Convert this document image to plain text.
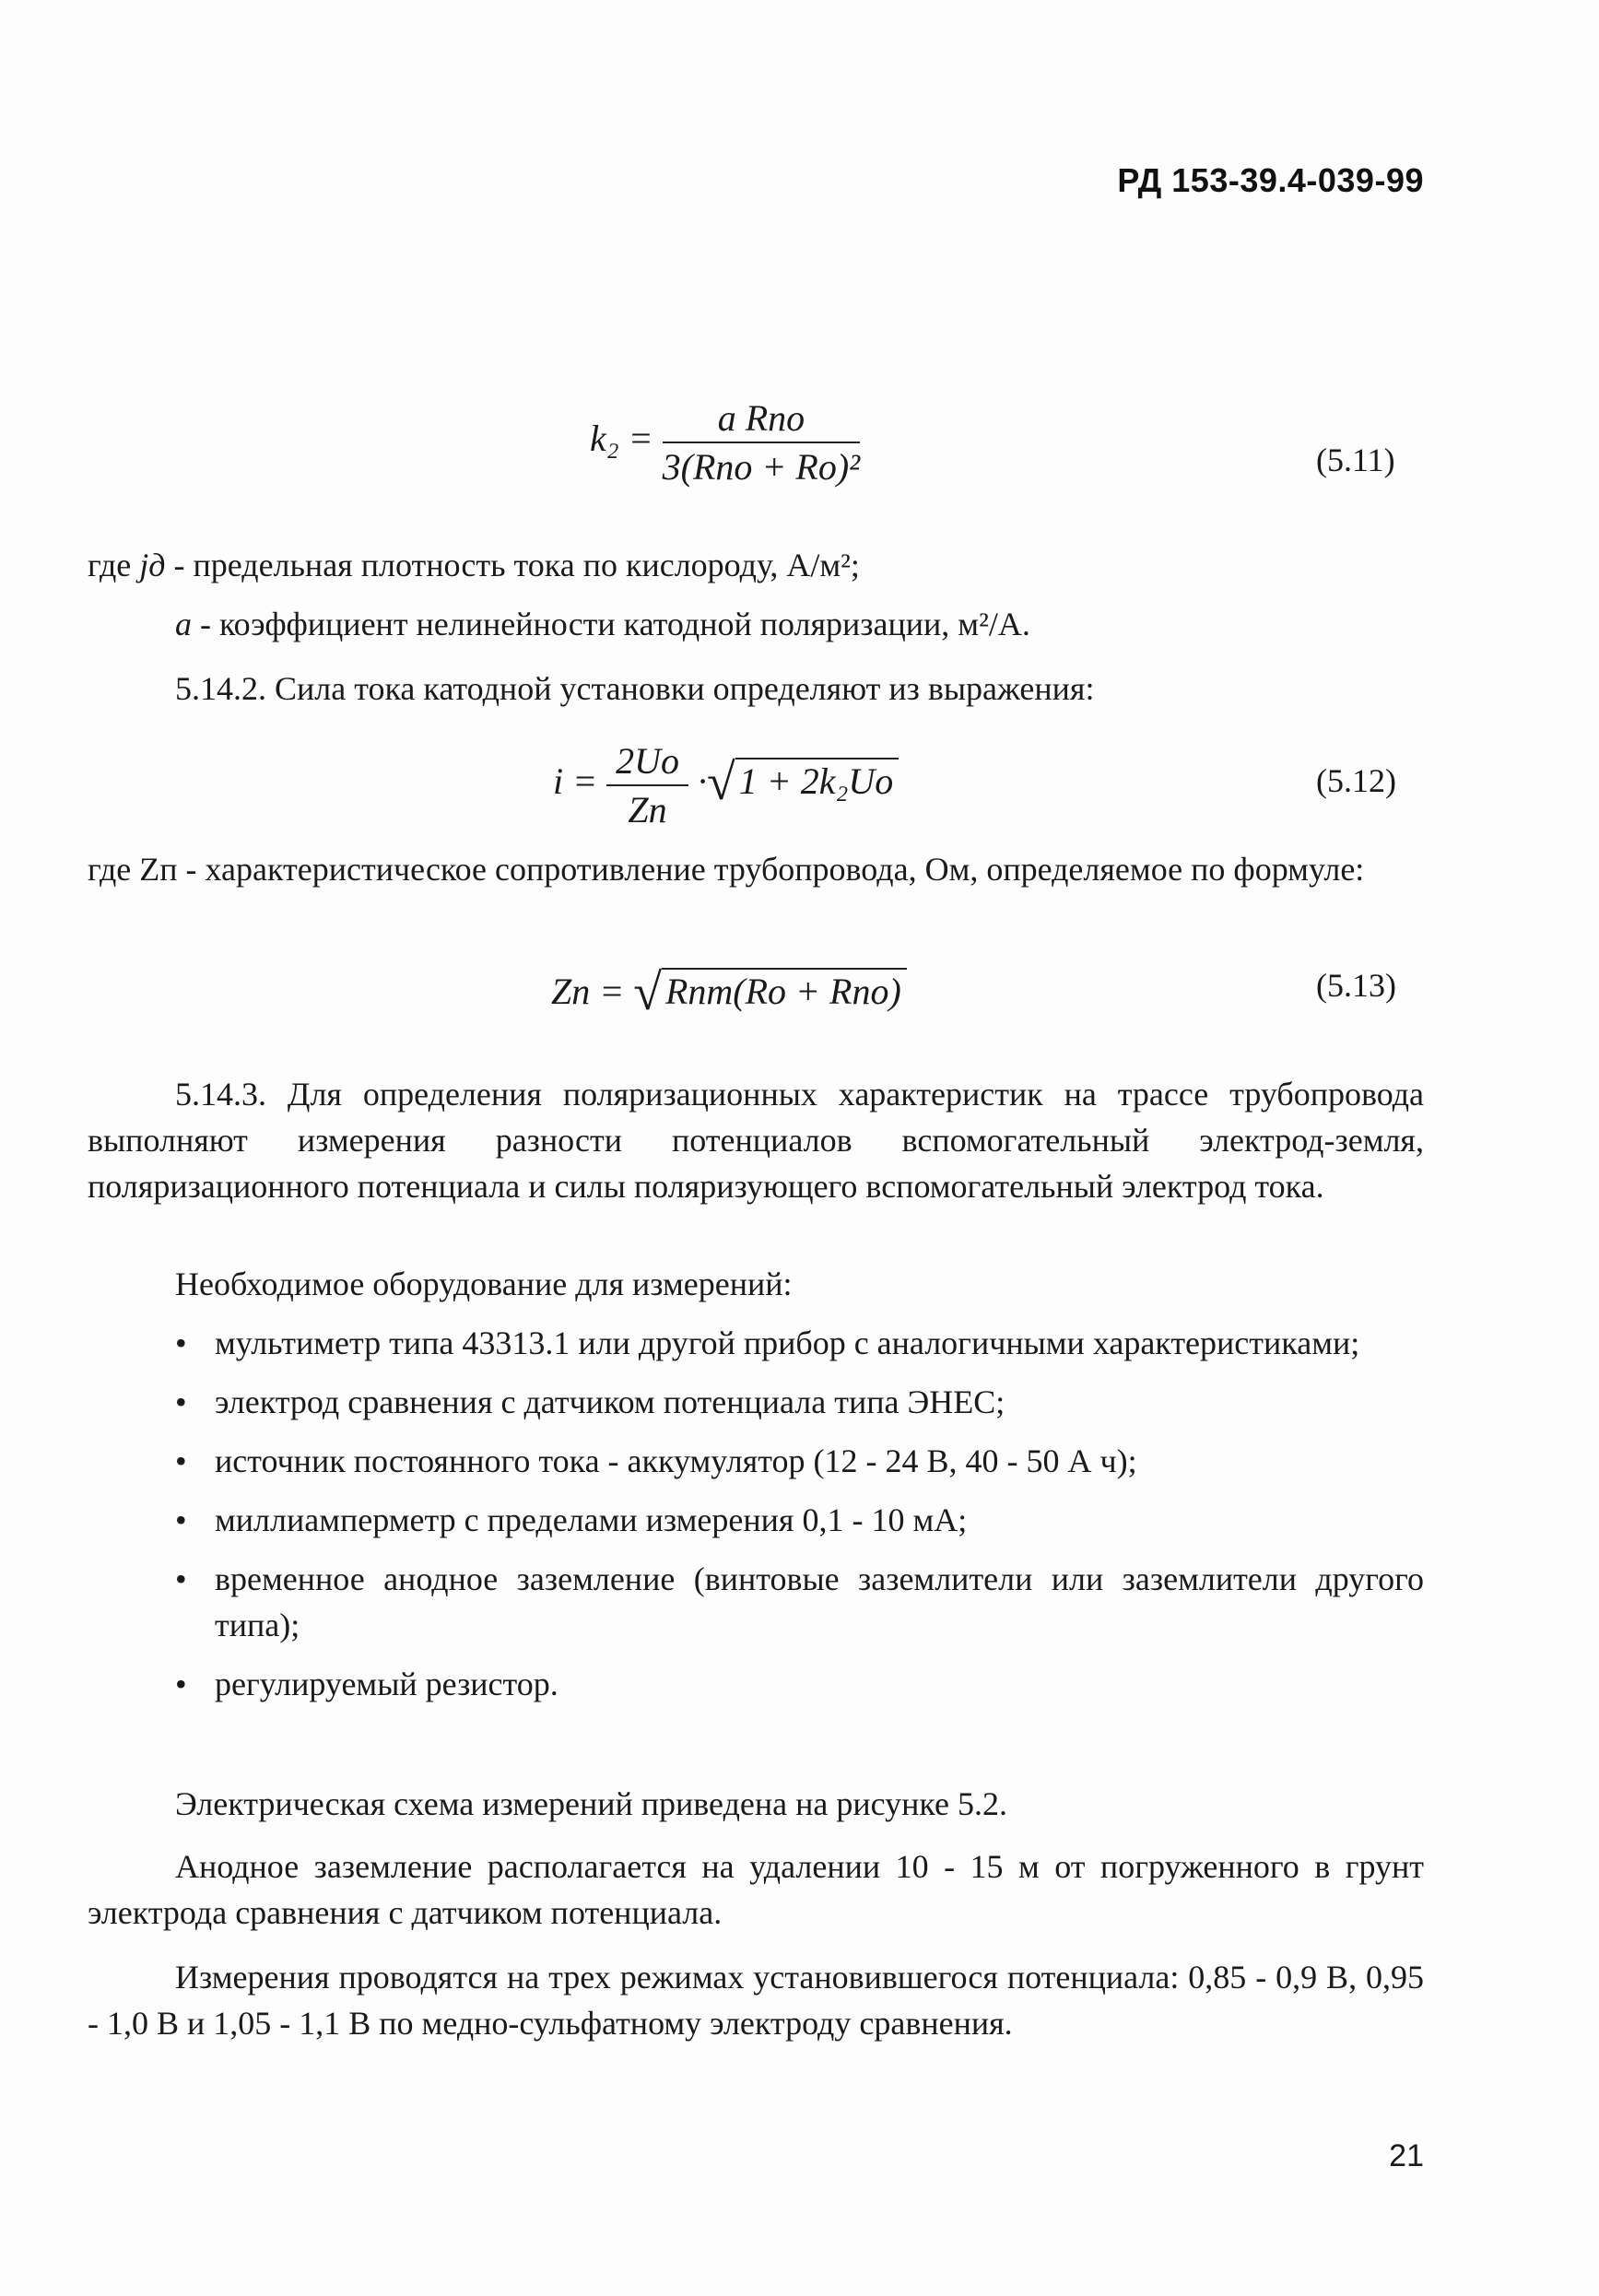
РД 153-39.4-039-99
$k_2 = \frac{\text{a Rпо}}{\text{3(Rпо + Rо)²}}$	(5.11)

где jд - предельная плотность тока по кислороду, А/м²;

a - коэффициент нелинейности катодной поляризации, м²/А.

5.14.2. Сила тока катодной установки определяют из выражения:

$i = \frac{2Uо}{Zп}$ ·√ 1 + 2k₂Uо	(5.12)

где Zп - характеристическое сопротивление трубопровода, Ом, определяемое по формуле:

Zп = √ Rпт(Rо + Rпо)	(5.13)

5.14.3. Для определения поляризационных характеристик на трассе трубопровода выполняют измерения разности потенциалов вспомогательный электрод-земля, поляризационного потенциала и силы поляризующего вспомогательный электрод тока.

Необходимое оборудование для измерений:

• мультиметр типа 43313.1 или другой прибор с аналогичными характеристиками;
• электрод сравнения с датчиком потенциала типа ЭНЕС;
• источник постоянного тока - аккумулятор (12 - 24 В, 40 - 50 А ч);
• миллиамперметр с пределами измерения 0,1 - 10 мА;
• временное анодное заземление (винтовые заземлители или заземлители другого типа);
• регулируемый резистор.

Электрическая схема измерений приведена на рисунке 5.2.

Анодное заземление располагается на удалении 10 - 15 м от погруженного в грунт электрода сравнения с датчиком потенциала.

Измерения проводятся на трех режимах установившегося потенциала: 0,85 - 0,9 В, 0,95 - 1,0 В и 1,05 - 1,1 В по медно-сульфатному электроду сравнения.

21
